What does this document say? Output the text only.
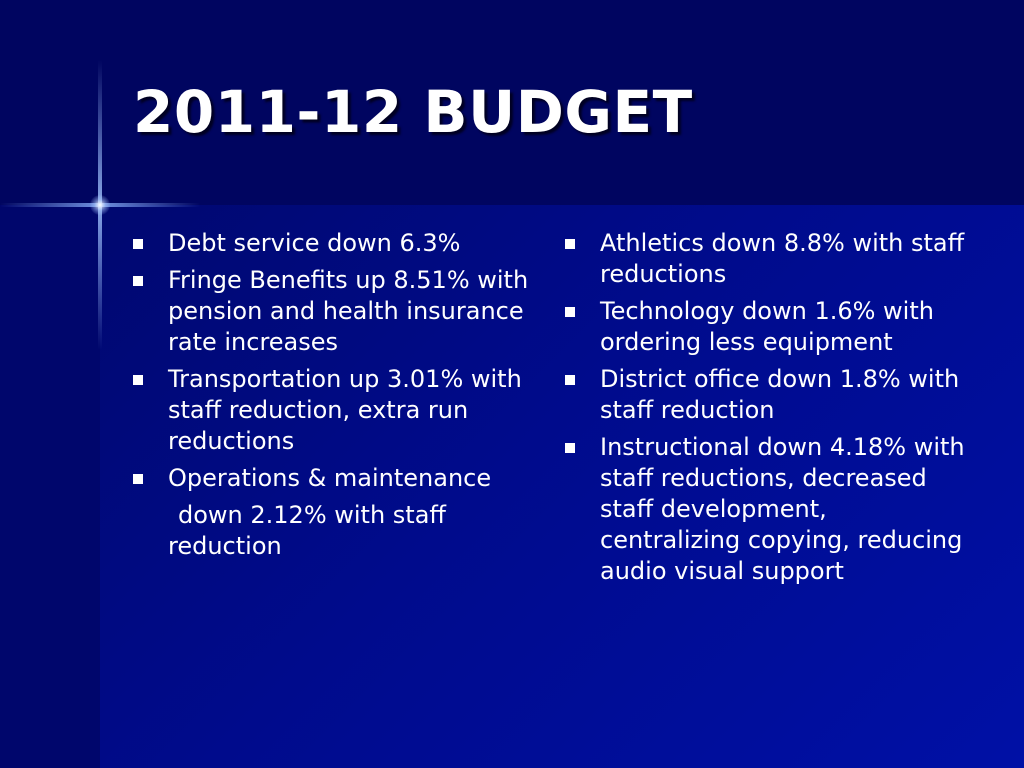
2011-12 BUDGET
Debt service down 6.3%
Fringe Benefits up 8.51% with pension and health insurance rate increases
Transportation up 3.01% with staff reduction, extra run reductions
Operations & maintenance
down 2.12% with staff reduction
Athletics down 8.8% with staff reductions
Technology down 1.6% with ordering less equipment
District office down 1.8% with staff reduction
Instructional down 4.18% with staff reductions, decreased staff development, centralizing copying, reducing audio visual support
